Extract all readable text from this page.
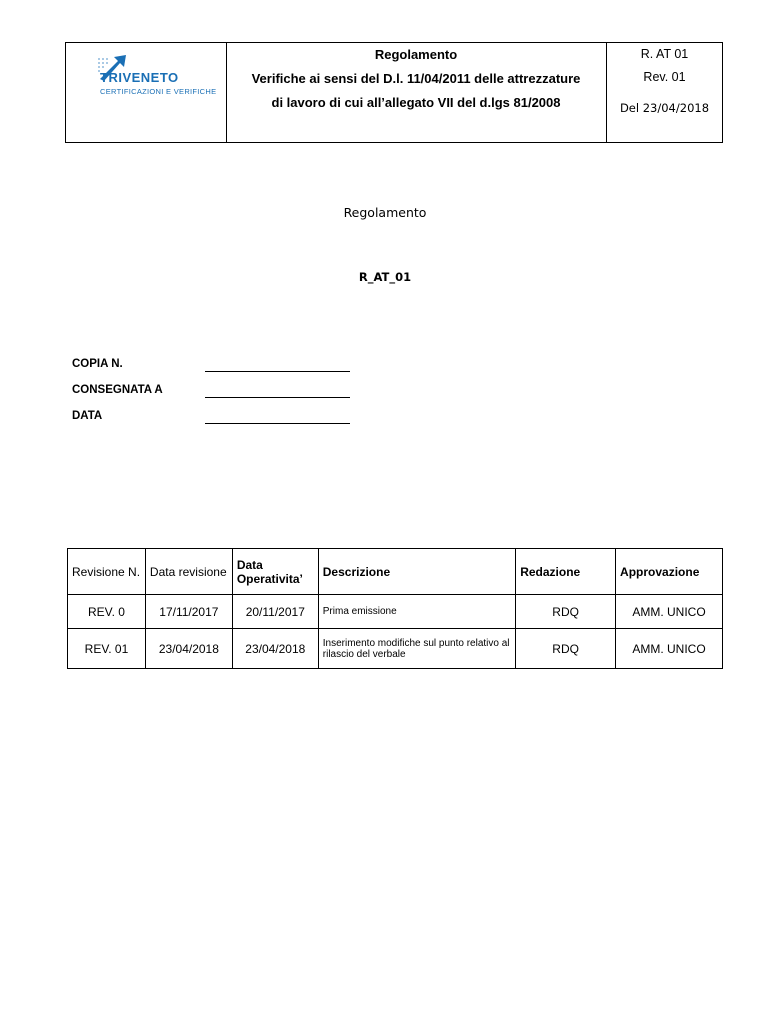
TRIVENETO
CERTIFICAZIONI E VERIFICHE
Regolamento
Verifiche ai sensi del D.l. 11/04/2011 delle attrezzature
di lavoro di cui all’allegato VII del d.lgs 81/2008
R. AT 01
Rev. 01
Del 23/04/2018
Regolamento
R_AT_01
COPIA N.
CONSEGNATA A
DATA
Revisione N.	Data revisione	Data Operativita’	Descrizione	Redazione	Approvazione
REV. 0	17/11/2017	20/11/2017	Prima emissione	RDQ	AMM. UNICO
REV. 01	23/04/2018	23/04/2018	Inserimento modifiche sul punto relativo al rilascio del verbale	RDQ	AMM. UNICO
